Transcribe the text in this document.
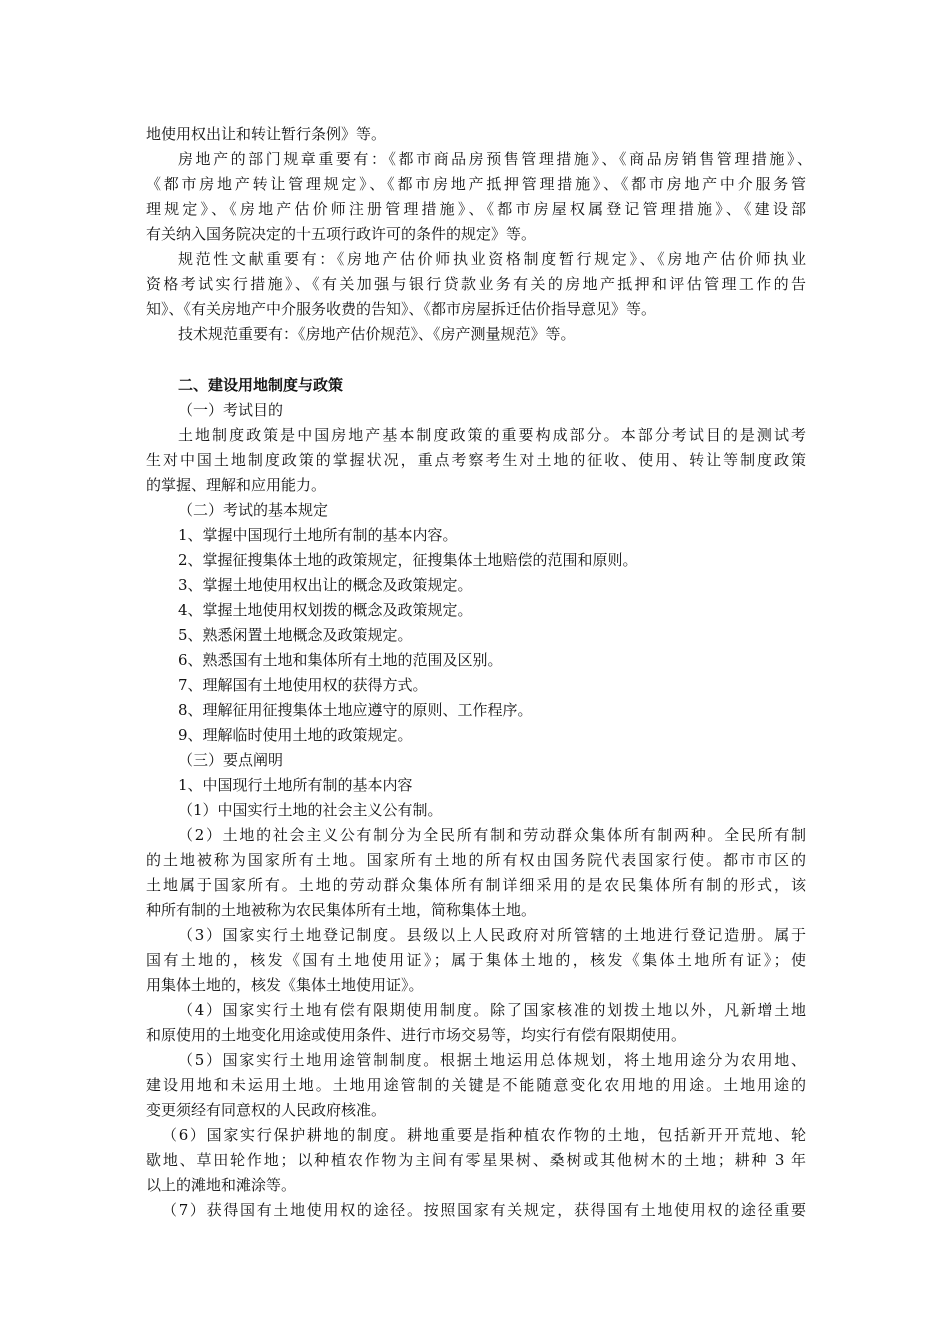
地使用权出让和转让暂行条例》等。
房地产的部门规章重要有：《都市商品房预售管理措施》、《商品房销售管理措施》、
《都市房地产转让管理规定》、《都市房地产抵押管理措施》、《都市房地产中介服务管
理规定》、《房地产估价师注册管理措施》、《都市房屋权属登记管理措施》、《建设部
有关纳入国务院决定的十五项行政许可的条件的规定》等。
规范性文献重要有：《房地产估价师执业资格制度暂行规定》、《房地产估价师执业
资格考试实行措施》、《有关加强与银行贷款业务有关的房地产抵押和评估管理工作的告
知》、《有关房地产中介服务收费的告知》、《都市房屋拆迁估价指导意见》等。
技术规范重要有：《房地产估价规范》、《房产测量规范》等。
二、建设用地制度与政策
（一）考试目的
土地制度政策是中国房地产基本制度政策的重要构成部分。本部分考试目的是测试考
生对中国土地制度政策的掌握状况，重点考察考生对土地的征收、使用、转让等制度政策
的掌握、理解和应用能力。
（二）考试的基本规定
1、掌握中国现行土地所有制的基本内容。
2、掌握征搜集体土地的政策规定，征搜集体土地赔偿的范围和原则。
3、掌握土地使用权出让的概念及政策规定。
4、掌握土地使用权划拨的概念及政策规定。
5、熟悉闲置土地概念及政策规定。
6、熟悉国有土地和集体所有土地的范围及区别。
7、理解国有土地使用权的获得方式。
8、理解征用征搜集体土地应遵守的原则、工作程序。
9、理解临时使用土地的政策规定。
（三）要点阐明
1、中国现行土地所有制的基本内容
（1）中国实行土地的社会主义公有制。
（2）土地的社会主义公有制分为全民所有制和劳动群众集体所有制两种。全民所有制
的土地被称为国家所有土地。国家所有土地的所有权由国务院代表国家行使。都市市区的
土地属于国家所有。土地的劳动群众集体所有制详细采用的是农民集体所有制的形式，该
种所有制的土地被称为农民集体所有土地，简称集体土地。
（3）国家实行土地登记制度。县级以上人民政府对所管辖的土地进行登记造册。属于
国有土地的，核发《国有土地使用证》；属于集体土地的，核发《集体土地所有证》；使
用集体土地的，核发《集体土地使用证》。
（4）国家实行土地有偿有限期使用制度。除了国家核准的划拨土地以外，凡新增土地
和原使用的土地变化用途或使用条件、进行市场交易等，均实行有偿有限期使用。
（5）国家实行土地用途管制制度。根据土地运用总体规划，将土地用途分为农用地、
建设用地和未运用土地。土地用途管制的关键是不能随意变化农用地的用途。土地用途的
变更须经有同意权的人民政府核准。
（6）国家实行保护耕地的制度。耕地重要是指种植农作物的土地，包括新开开荒地、轮
歇地、草田轮作地；以种植农作物为主间有零星果树、桑树或其他树木的土地；耕种 3 年
以上的滩地和滩涂等。
（7）获得国有土地使用权的途径。按照国家有关规定，获得国有土地使用权的途径重要
